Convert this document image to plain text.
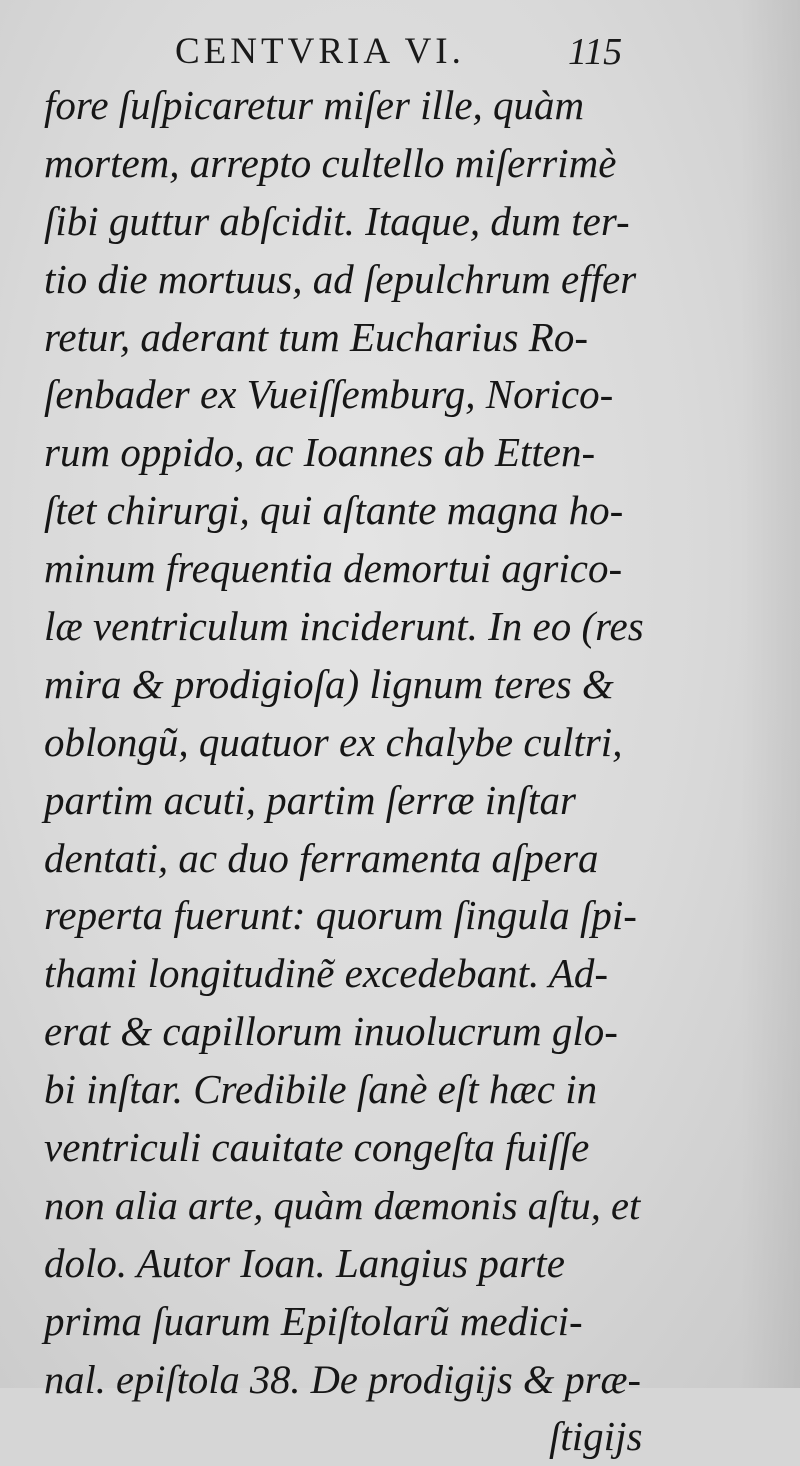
CENTVRIA VI.	115
fore ſuſpicaretur miſer ille, quàm
mortem, arrepto cultello miſerrimè
ſibi guttur abſcidit. Itaque, dum ter-
tio die mortuus, ad ſepulchrum effer
retur, aderant tum Eucharius Ro-
ſenbader ex Vueiſſemburg, Norico-
rum oppido, ac Ioannes ab Etten-
ſtet chirurgi, qui aſtante magna ho-
minum frequentia demortui agrico-
læ ventriculum inciderunt. In eo (res
mira & prodigioſa) lignum teres &
oblongũ, quatuor ex chalybe cultri,
partim acuti, partim ſerræ inſtar
dentati, ac duo ferramenta aſpera
reperta fuerunt: quorum ſingula ſpi-
thami longitudinẽ excedebant. Ad-
erat & capillorum inuolucrum glo-
bi inſtar. Credibile ſanè eſt hæc in
ventriculi cauitate congeſta fuiſſe
non alia arte, quàm dæmonis aſtu, et
dolo. Autor Ioan. Langius parte
prima ſuarum Epiſtolarũ medici-
nal. epiſtola 38. De prodigijs & præ-
ſtigijs
